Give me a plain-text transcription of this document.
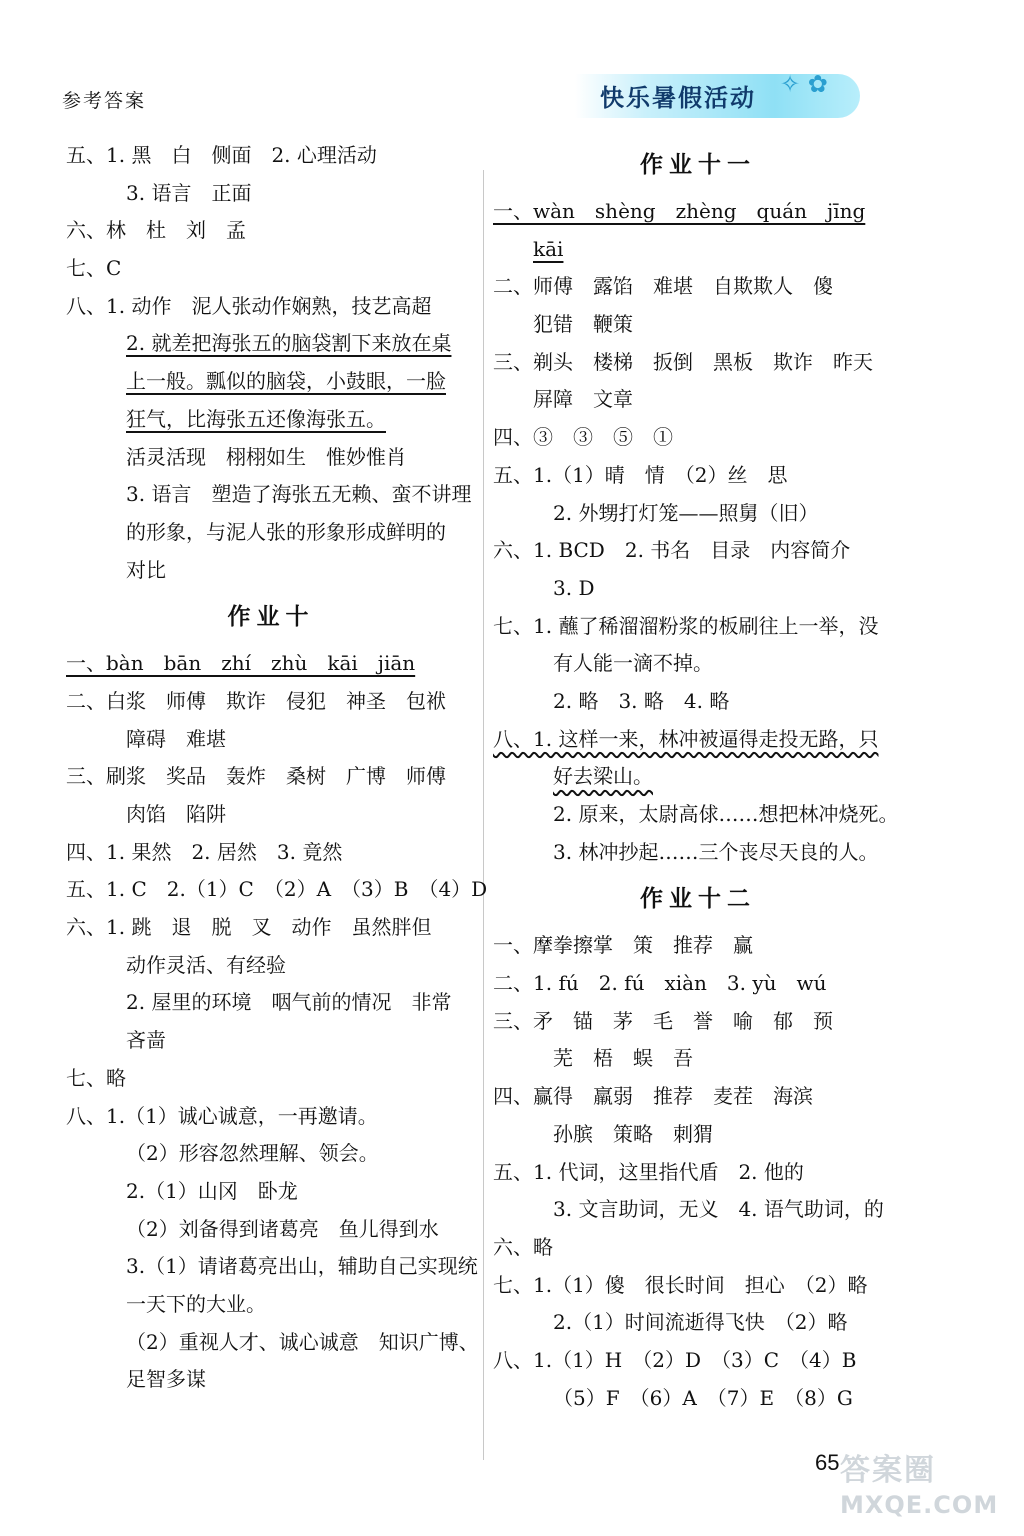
参考答案	快乐暑假活动 ✧ ✿
五、1. 黑　白　侧面　2. 心理活动
3. 语言　正面
六、林　杜　刘　孟
七、C
八、1. 动作　泥人张动作娴熟，技艺高超
2. 就差把海张五的脑袋割下来放在桌
上一般。瓢似的脑袋，小鼓眼，一脸
狂气，比海张五还像海张五。
活灵活现　栩栩如生　惟妙惟肖
3. 语言　塑造了海张五无赖、蛮不讲理
的形象，与泥人张的形象形成鲜明的
对比
作业十
一、bàn　bān　zhí　zhù　kāi　jiān
二、白浆　师傅　欺诈　侵犯　神圣　包袱
障碍　难堪
三、刷浆　奖品　轰炸　桑树　广博　师傅
肉馅　陷阱
四、1. 果然　2. 居然　3. 竟然
五、1. C　2.（1）C　（2）A　（3）B　（4）D
六、1. 跳　退　脱　叉　动作　虽然胖但
动作灵活、有经验
2. 屋里的环境　咽气前的情况　非常
吝啬
七、略
八、1.（1）诚心诚意，一再邀请。
（2）形容忽然理解、领会。
2.（1）山冈　卧龙
（2）刘备得到诸葛亮　鱼儿得到水
3.（1）请诸葛亮出山，辅助自己实现统
一天下的大业。
（2）重视人才、诚心诚意　知识广博、
足智多谋
作业十一
一、wàn　shèng　zhèng　quán　jīng
kāi
二、师傅　露馅　难堪　自欺欺人　傻
犯错　鞭策
三、剃头　楼梯　扳倒　黑板　欺诈　昨天
屏障　文章
四、③　③　⑤　①
五、1.（1）晴　情　（2）丝　思
2. 外甥打灯笼——照舅（旧）
六、1. BCD　2. 书名　目录　内容简介
3. D
七、1. 蘸了稀溜溜粉浆的板刷往上一举，没
有人能一滴不掉。
2. 略　3. 略　4. 略
八、1. 这样一来，林冲被逼得走投无路，只
好去梁山。
2. 原来，太尉高俅……想把林冲烧死。
3. 林冲抄起……三个丧尽天良的人。
作业十二
一、摩拳擦掌　策　推荐　赢
二、1. fú　2. fú　xiàn　3. yù　wú
三、矛　锚　茅　毛　誉　喻　郁　预
芜　梧　蜈　吾
四、赢得　羸弱　推荐　麦茬　海滨
孙膑　策略　刺猬
五、1. 代词，这里指代盾　2. 他的
3. 文言助词，无义　4. 语气助词，的
六、略
七、1.（1）傻　很长时间　担心　（2）略
2.（1）时间流逝得飞快　（2）略
八、1.（1）H　（2）D　（3）C　（4）B
（5）F　（6）A　（7）E　（8）G
65 答案圈
MXQE.COM
